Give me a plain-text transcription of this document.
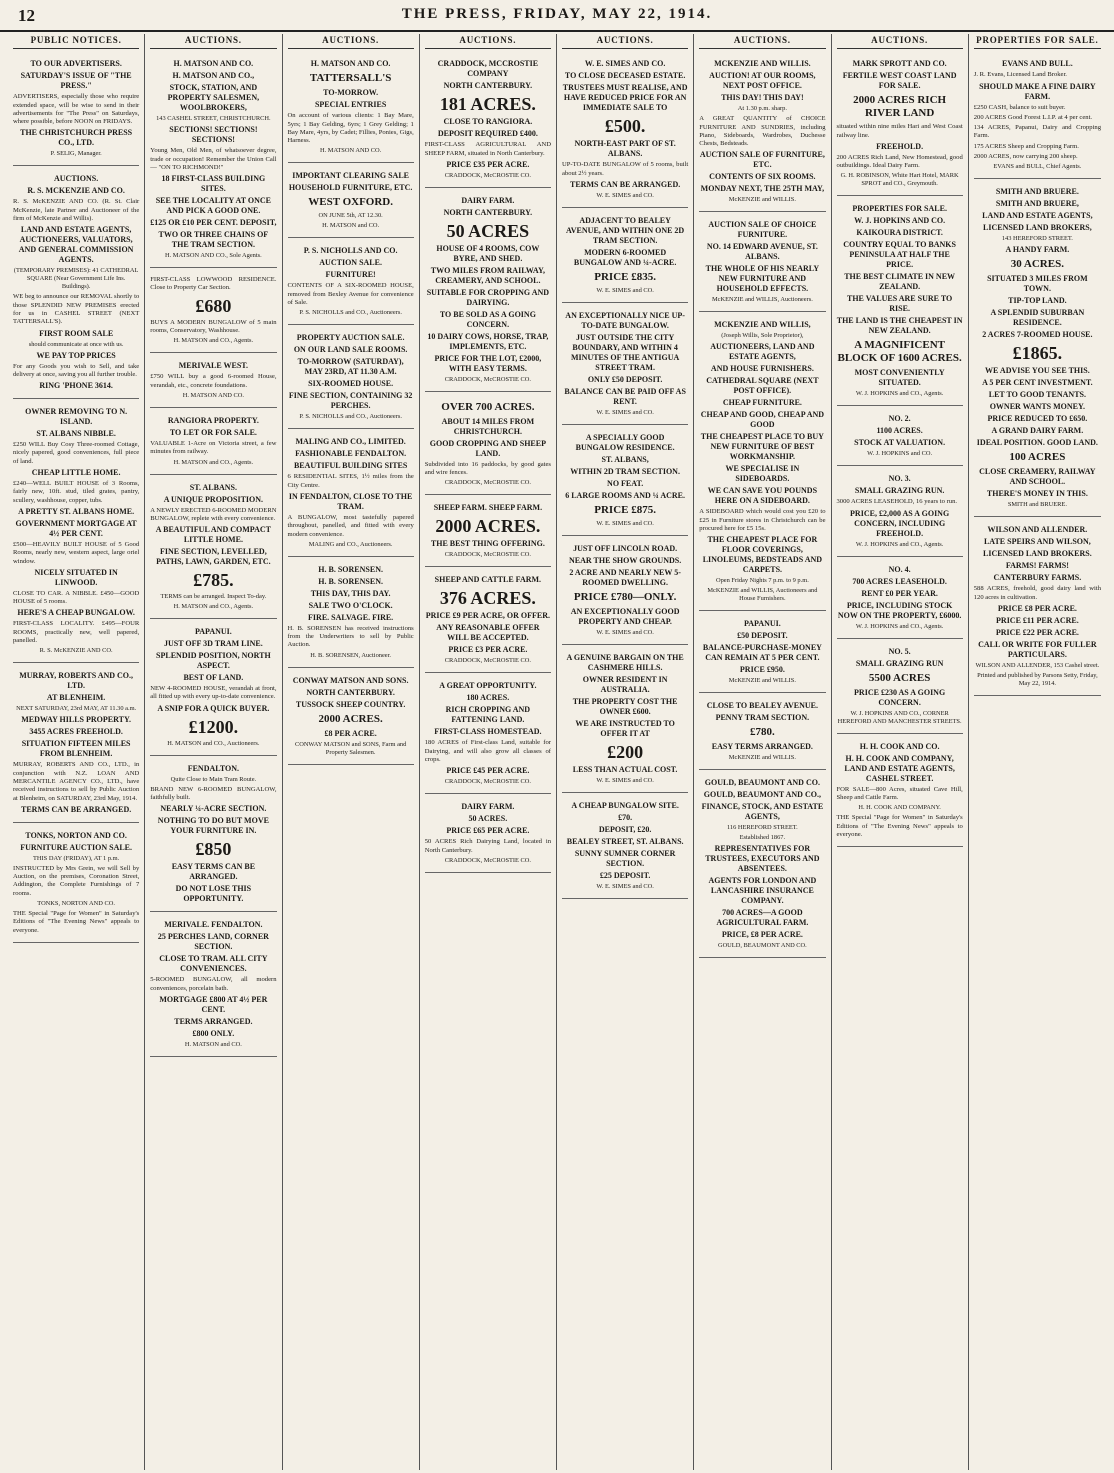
12	THE PRESS, FRIDAY, MAY 22, 1914.
PUBLIC NOTICES.
TO OUR ADVERTISERS.
SATURDAY'S ISSUE OF "THE PRESS."
ADVERTISERS, especially those who require extended space, will be wise to send in their advertisements for "The Press" on Saturdays, where possible, before NOON on FRIDAYS.
THE CHRISTCHURCH PRESS CO., LTD.
P. SELIG, Manager.
AUCTIONS.
R. S. MCKENZIE AND CO.
R. S. McKENZIE AND CO. (R. St. Clair McKenzie, late Partner and Auctioneer of the firm of McKenzie and Willis).
LAND AND ESTATE AGENTS, AUCTIONEERS, VALUATORS, AND GENERAL COMMISSION AGENTS.
(TEMPORARY PREMISES): 41 CATHEDRAL SQUARE (Near Government Life Ins. Buildings).
WE beg to announce our REMOVAL shortly to those SPLENDID NEW PREMISES erected for us in CASHEL STREET (NEXT TATTERSALL'S).
FIRST ROOM SALE
should communicate at once with us.
WE PAY TOP PRICES
For any Goods you wish to Sell, and take delivery at once, saving you all further trouble.
RING 'PHONE 3614.
OWNER REMOVING TO N. ISLAND.
ST. ALBANS NIBBLE.
£250 WILL Buy Cosy Three-roomed Cottage, nicely papered, good conveniences, full piece of land.
CHEAP LITTLE HOME.
£240—WELL BUILT HOUSE of 3 Rooms, fairly new, 10ft. stud, tiled grates, pantry, scullery, washhouse, copper, tubs.
A PRETTY ST. ALBANS HOME.
GOVERNMENT MORTGAGE AT 4½ PER CENT.
£500—HEAVILY BUILT HOUSE of 5 Good Rooms, nearly new, western aspect, large oriel window.
NICELY SITUATED IN LINWOOD.
CLOSE TO CAR. A NIBBLE. £450—GOOD HOUSE of 5 rooms.
HERE'S A CHEAP BUNGALOW.
FIRST-CLASS LOCALITY. £495—FOUR ROOMS, practically new, well papered, panelled.
R. S. McKENZIE AND CO.
MURRAY, ROBERTS AND CO., LTD.
AT BLENHEIM.
NEXT SATURDAY, 23rd MAY, AT 11.30 a.m.
MEDWAY HILLS PROPERTY.
3455 ACRES FREEHOLD.
SITUATION FIFTEEN MILES FROM BLENHEIM.
MURRAY, ROBERTS AND CO., LTD., in conjunction with N.Z. LOAN AND MERCANTILE AGENCY CO., LTD., have received instructions to sell by Public Auction at Blenheim, on SATURDAY, 23rd May, 1914.
TERMS CAN BE ARRANGED.
TONKS, NORTON AND CO.
FURNITURE AUCTION SALE.
THIS DAY (FRIDAY), AT 1 p.m.
INSTRUCTED by Mrs Grein, we will Sell by Auction, on the premises, Coronation Street, Addington, the Complete Furnishings of 7 rooms.
TONKS, NORTON AND CO.
THE Special "Page for Women" in Saturday's Editions of "The Evening News" appeals to everyone.
AUCTIONS.
H. MATSON AND CO.
H. MATSON AND CO.,
STOCK, STATION, AND PROPERTY SALESMEN, WOOLBROKERS,
143 CASHEL STREET, CHRISTCHURCH.
SECTIONS! SECTIONS! SECTIONS!
Young Men, Old Men, of whatsoever degree, trade or occupation! Remember the Union Call — "ON TO RICHMOND!"
18 FIRST-CLASS BUILDING SITES.
SEE THE LOCALITY AT ONCE AND PICK A GOOD ONE.
£125 OR £10 PER CENT. DEPOSIT,
TWO OR THREE CHAINS OF THE TRAM SECTION.
H. MATSON AND CO., Sole Agents.
FIRST-CLASS LOWWOOD RESIDENCE. Close to Property Car Section.
£680
BUYS A MODERN BUNGALOW of 5 main rooms, Conservatory, Washhouse.
H. MATSON and CO., Agents.
MERIVALE WEST.
£750 WILL buy a good 6-roomed House, verandah, etc., concrete foundations.
H. MATSON AND CO.
RANGIORA PROPERTY.
TO LET OR FOR SALE.
VALUABLE 1-Acre on Victoria street, a few minutes from railway.
H. MATSON and CO., Agents.
ST. ALBANS.
A UNIQUE PROPOSITION.
A NEWLY ERECTED 6-ROOMED MODERN BUNGALOW, replete with every convenience.
A BEAUTIFUL AND COMPACT LITTLE HOME.
FINE SECTION, LEVELLED, PATHS, LAWN, GARDEN, ETC.
£785.
TERMS can be arranged. Inspect To-day.
H. MATSON and CO., Agents.
PAPANUI.
JUST OFF 3D TRAM LINE.
SPLENDID POSITION, NORTH ASPECT.
BEST OF LAND.
NEW 4-ROOMED HOUSE, verandah at front, all fitted up with every up-to-date convenience.
A SNIP FOR A QUICK BUYER.
£1200.
H. MATSON and CO., Auctioneers.
FENDALTON.
Quite Close to Main Tram Route.
BRAND NEW 6-ROOMED BUNGALOW, faithfully built.
NEARLY ¼-ACRE SECTION.
NOTHING TO DO BUT MOVE YOUR FURNITURE IN.
£850
EASY TERMS CAN BE ARRANGED.
DO NOT LOSE THIS OPPORTUNITY.
MERIVALE. FENDALTON.
25 PERCHES LAND, CORNER SECTION.
CLOSE TO TRAM. ALL CITY CONVENIENCES.
5-ROOMED BUNGALOW, all modern conveniences, porcelain bath.
MORTGAGE £800 AT 4½ PER CENT.
TERMS ARRANGED.
£800 ONLY.
H. MATSON and CO.
AUCTIONS.
H. MATSON AND CO.
TATTERSALL'S
TO-MORROW.
SPECIAL ENTRIES
On account of various clients: 1 Bay Mare, 5yrs; 1 Bay Gelding, 6yrs; 1 Grey Gelding; 1 Bay Mare, 4yrs, by Cadet; Fillies, Ponies, Gigs, Harness.
H. MATSON AND CO.
IMPORTANT CLEARING SALE
HOUSEHOLD FURNITURE, ETC.
WEST OXFORD.
ON JUNE 5th, AT 12.30.
H. MATSON and CO.
P. S. NICHOLLS AND CO.
AUCTION SALE.
FURNITURE!
CONTENTS OF A SIX-ROOMED HOUSE, removed from Bexley Avenue for convenience of Sale.
P. S. NICHOLLS and CO., Auctioneers.
PROPERTY AUCTION SALE.
ON OUR LAND SALE ROOMS.
TO-MORROW (SATURDAY), MAY 23RD, AT 11.30 A.M.
SIX-ROOMED HOUSE.
FINE SECTION, CONTAINING 32 PERCHES.
P. S. NICHOLLS and CO., Auctioneers.
MALING AND CO., LIMITED.
FASHIONABLE FENDALTON.
BEAUTIFUL BUILDING SITES
6 RESIDENTIAL SITES, 1½ miles from the City Centre.
IN FENDALTON, CLOSE TO THE TRAM.
A BUNGALOW, most tastefully papered throughout, panelled, and fitted with every modern convenience.
MALING and CO., Auctioneers.
H. B. SORENSEN.
H. B. SORENSEN.
THIS DAY, THIS DAY.
SALE TWO O'CLOCK.
FIRE. SALVAGE. FIRE.
H. B. SORENSEN has received instructions from the Underwriters to sell by Public Auction.
H. B. SORENSEN, Auctioneer.
CONWAY MATSON AND SONS.
NORTH CANTERBURY.
TUSSOCK SHEEP COUNTRY.
2000 ACRES.
£8 PER ACRE.
CONWAY MATSON and SONS, Farm and Property Salesmen.
AUCTIONS.
CRADDOCK, MCCROSTIE COMPANY
NORTH CANTERBURY.
181 ACRES.
CLOSE TO RANGIORA.
DEPOSIT REQUIRED £400.
FIRST-CLASS AGRICULTURAL AND SHEEP FARM, situated in North Canterbury.
PRICE £35 PER ACRE.
CRADDOCK, McCROSTIE CO.
DAIRY FARM.
NORTH CANTERBURY.
50 ACRES
HOUSE OF 4 ROOMS, COW BYRE, AND SHED.
TWO MILES FROM RAILWAY, CREAMERY, AND SCHOOL.
SUITABLE FOR CROPPING AND DAIRYING.
TO BE SOLD AS A GOING CONCERN.
10 DAIRY COWS, HORSE, TRAP, IMPLEMENTS, ETC.
PRICE FOR THE LOT, £2000, WITH EASY TERMS.
CRADDOCK, McCROSTIE CO.
OVER 700 ACRES.
ABOUT 14 MILES FROM CHRISTCHURCH.
GOOD CROPPING AND SHEEP LAND.
Subdivided into 16 paddocks, by good gates and wire fences.
CRADDOCK, McCROSTIE CO.
SHEEP FARM. SHEEP FARM.
2000 ACRES.
THE BEST THING OFFERING.
CRADDOCK, McCROSTIE CO.
SHEEP AND CATTLE FARM.
376 ACRES.
PRICE £9 PER ACRE, OR OFFER.
ANY REASONABLE OFFER WILL BE ACCEPTED.
PRICE £3 PER ACRE.
CRADDOCK, McCROSTIE CO.
A GREAT OPPORTUNITY.
180 ACRES.
RICH CROPPING AND FATTENING LAND.
FIRST-CLASS HOMESTEAD.
180 ACRES of First-class Land, suitable for Dairying, and will also grow all classes of crops.
PRICE £45 PER ACRE.
CRADDOCK, McCROSTIE CO.
DAIRY FARM.
50 ACRES.
PRICE £65 PER ACRE.
50 ACRES Rich Dairying Land, located in North Canterbury.
CRADDOCK, McCROSTIE CO.
AUCTIONS.
W. E. SIMES AND CO.
TO CLOSE DECEASED ESTATE.
TRUSTEES MUST REALISE, AND HAVE REDUCED PRICE FOR AN IMMEDIATE SALE TO
£500.
NORTH-EAST PART OF ST. ALBANS.
UP-TO-DATE BUNGALOW of 5 rooms, built about 2½ years.
TERMS CAN BE ARRANGED.
W. E. SIMES and CO.
ADJACENT TO BEALEY AVENUE, AND WITHIN ONE 2D TRAM SECTION.
MODERN 6-ROOMED BUNGALOW AND ¼-ACRE.
PRICE £835.
W. E. SIMES and CO.
AN EXCEPTIONALLY NICE UP-TO-DATE BUNGALOW.
JUST OUTSIDE THE CITY BOUNDARY, AND WITHIN 4 MINUTES OF THE ANTIGUA STREET TRAM.
ONLY £50 DEPOSIT.
BALANCE CAN BE PAID OFF AS RENT.
W. E. SIMES and CO.
A SPECIALLY GOOD BUNGALOW RESIDENCE.
ST. ALBANS,
WITHIN 2D TRAM SECTION.
NO FEAT.
6 LARGE ROOMS AND ¼ ACRE.
PRICE £875.
W. E. SIMES and CO.
JUST OFF LINCOLN ROAD.
NEAR THE SHOW GROUNDS.
2 ACRE AND NEARLY NEW 5-ROOMED DWELLING.
PRICE £780—ONLY.
AN EXCEPTIONALLY GOOD PROPERTY AND CHEAP.
W. E. SIMES and CO.
A GENUINE BARGAIN ON THE CASHMERE HILLS.
OWNER RESIDENT IN AUSTRALIA.
THE PROPERTY COST THE OWNER £600.
WE ARE INSTRUCTED TO OFFER IT AT
£200
LESS THAN ACTUAL COST.
W. E. SIMES and CO.
A CHEAP BUNGALOW SITE.
£70.
DEPOSIT, £20.
BEALEY STREET, ST. ALBANS.
SUNNY SUMNER CORNER SECTION.
£25 DEPOSIT.
W. E. SIMES and CO.
AUCTIONS.
MCKENZIE AND WILLIS.
AUCTION! AT OUR ROOMS, NEXT POST OFFICE.
THIS DAY! THIS DAY!
At 1.30 p.m. sharp.
A GREAT QUANTITY of CHOICE FURNITURE AND SUNDRIES, including Piano, Sideboards, Wardrobes, Duchesse Chests, Bedsteads.
AUCTION SALE OF FURNITURE, ETC.
CONTENTS OF SIX ROOMS.
MONDAY NEXT, THE 25TH MAY,
McKENZIE and WILLIS.
AUCTION SALE OF CHOICE FURNITURE.
NO. 14 EDWARD AVENUE, ST. ALBANS.
THE WHOLE OF HIS NEARLY NEW FURNITURE AND HOUSEHOLD EFFECTS.
McKENZIE and WILLIS, Auctioneers.
MCKENZIE AND WILLIS,
(Joseph Willis, Sole Proprietor),
AUCTIONEERS, LAND AND ESTATE AGENTS,
AND HOUSE FURNISHERS.
CATHEDRAL SQUARE (NEXT POST OFFICE).
CHEAP FURNITURE.
CHEAP AND GOOD, CHEAP AND GOOD
THE CHEAPEST PLACE TO BUY NEW FURNITURE OF BEST WORKMANSHIP.
WE SPECIALISE IN SIDEBOARDS.
WE CAN SAVE YOU POUNDS HERE ON A SIDEBOARD.
A SIDEBOARD which would cost you £20 to £25 in Furniture stores in Christchurch can be procured here for £5 15s.
THE CHEAPEST PLACE FOR FLOOR COVERINGS, LINOLEUMS, BEDSTEADS AND CARPETS.
Open Friday Nights 7 p.m. to 9 p.m.
McKENZIE and WILLIS, Auctioneers and House Furnishers.
PAPANUI.
£50 DEPOSIT.
BALANCE-PURCHASE-MONEY CAN REMAIN AT 5 PER CENT.
PRICE £950.
McKENZIE and WILLIS.
CLOSE TO BEALEY AVENUE.
PENNY TRAM SECTION.
£780.
EASY TERMS ARRANGED.
McKENZIE and WILLIS.
GOULD, BEAUMONT AND CO.
GOULD, BEAUMONT AND CO.,
FINANCE, STOCK, AND ESTATE AGENTS,
116 HEREFORD STREET.
Established 1867.
REPRESENTATIVES FOR TRUSTEES, EXECUTORS AND ABSENTEES.
AGENTS FOR LONDON AND LANCASHIRE INSURANCE COMPANY.
700 ACRES—A GOOD AGRICULTURAL FARM.
PRICE, £8 PER ACRE.
GOULD, BEAUMONT AND CO.
AUCTIONS.
MARK SPROTT AND CO.
FERTILE WEST COAST LAND FOR SALE.
2000 ACRES RICH RIVER LAND
situated within nine miles Hari and West Coast railway line.
FREEHOLD.
200 ACRES Rich Land, New Homestead, good outbuildings. Ideal Dairy Farm.
G. H. ROBINSON, White Hart Hotel, MARK SPROT and CO., Greymouth.
PROPERTIES FOR SALE.
W. J. HOPKINS AND CO.
KAIKOURA DISTRICT.
COUNTRY EQUAL TO BANKS PENINSULA AT HALF THE PRICE.
THE BEST CLIMATE IN NEW ZEALAND.
THE VALUES ARE SURE TO RISE.
THE LAND IS THE CHEAPEST IN NEW ZEALAND.
A MAGNIFICENT BLOCK OF 1600 ACRES.
MOST CONVENIENTLY SITUATED.
W. J. HOPKINS and CO., Agents.
NO. 2.
1100 ACRES.
STOCK AT VALUATION.
W. J. HOPKINS and CO.
NO. 3.
SMALL GRAZING RUN.
3000 ACRES LEASEHOLD, 16 years to run.
PRICE, £2,000 AS A GOING CONCERN, INCLUDING FREEHOLD.
W. J. HOPKINS and CO., Agents.
NO. 4.
700 ACRES LEASEHOLD.
RENT £0 PER YEAR.
PRICE, INCLUDING STOCK NOW ON THE PROPERTY, £6000.
W. J. HOPKINS and CO., Agents.
NO. 5.
SMALL GRAZING RUN
5500 ACRES
PRICE £230 AS A GOING CONCERN.
W. J. HOPKINS AND CO., CORNER HEREFORD AND MANCHESTER STREETS.
H. H. COOK AND CO.
H. H. COOK AND COMPANY, LAND AND ESTATE AGENTS, CASHEL STREET.
FOR SALE—800 Acres, situated Cave Hill, Sheep and Cattle Farm.
H. H. COOK AND COMPANY.
THE Special "Page for Women" in Saturday's Editions of "The Evening News" appeals to everyone.
PROPERTIES FOR SALE.
EVANS AND BULL.
J. R. Evans, Licensed Land Broker.
SHOULD MAKE A FINE DAIRY FARM.
£250 CASH, balance to suit buyer.
200 ACRES Good Forest L.I.P. at 4 per cent.
134 ACRES, Papanui, Dairy and Cropping Farm.
175 ACRES Sheep and Cropping Farm.
2000 ACRES, now carrying 200 sheep.
EVANS and BULL, Chief Agents.
SMITH AND BRUERE.
SMITH AND BRUERE,
LAND AND ESTATE AGENTS,
LICENSED LAND BROKERS,
143 HEREFORD STREET.
A HANDY FARM.
30 ACRES.
SITUATED 3 MILES FROM TOWN.
TIP-TOP LAND.
A SPLENDID SUBURBAN RESIDENCE.
2 ACRES 7-ROOMED HOUSE.
£1865.
WE ADVISE YOU SEE THIS.
A 5 PER CENT INVESTMENT.
LET TO GOOD TENANTS.
OWNER WANTS MONEY.
PRICE REDUCED TO £650.
A GRAND DAIRY FARM.
IDEAL POSITION. GOOD LAND.
100 ACRES
CLOSE CREAMERY, RAILWAY AND SCHOOL.
THERE'S MONEY IN THIS.
SMITH and BRUERE.
WILSON AND ALLENDER.
LATE SPEIRS AND WILSON,
LICENSED LAND BROKERS.
FARMS! FARMS!
CANTERBURY FARMS.
588 ACRES, freehold, good dairy land with 120 acres in cultivation.
PRICE £8 PER ACRE.
PRICE £11 PER ACRE.
PRICE £22 PER ACRE.
CALL OR WRITE FOR FULLER PARTICULARS.
WILSON AND ALLENDER, 153 Cashel street.
Printed and published by Parsons Setty, Friday, May 22, 1914.
